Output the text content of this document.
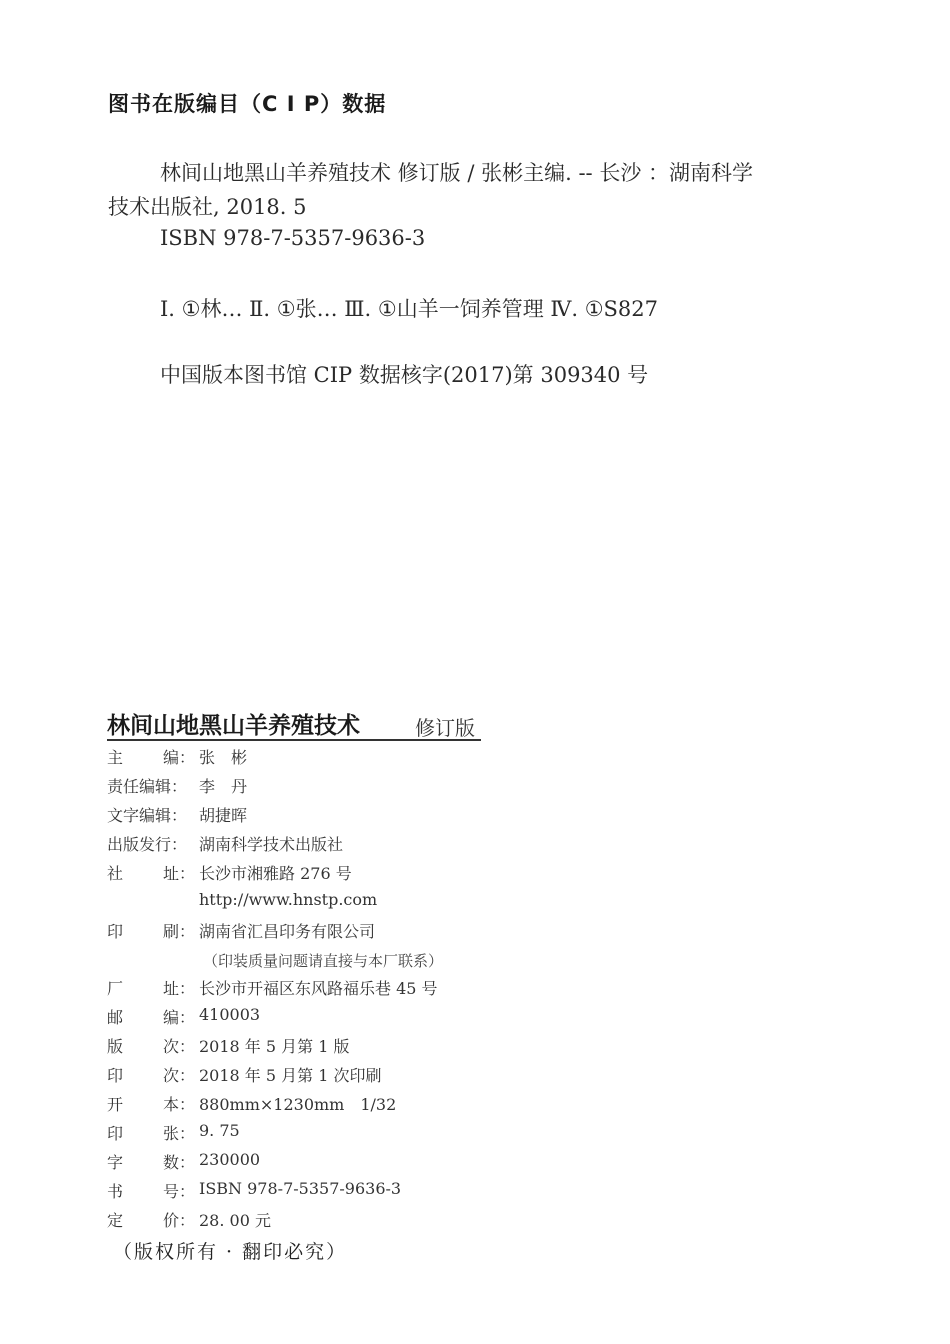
图书在版编目（C I P）数据
林间山地黑山羊养殖技术 修订版 / 张彬主编. -- 长沙 ：湖南科学
技术出版社, 2018. 5
ISBN 978-7-5357-9636-3
Ⅰ. ①林… Ⅱ. ①张… Ⅲ. ①山羊一饲养管理 Ⅳ. ①S827
中国版本图书馆 CIP 数据核字(2017)第 309340 号
林间山地黑山羊养殖技术	修订版
主 编： 张　彬
责任编辑： 李　丹
文字编辑： 胡捷晖
出版发行： 湖南科学技术出版社
社 址： 长沙市湘雅路 276 号
http://www.hnstp.com
印 刷： 湖南省汇昌印务有限公司
厂 址： 长沙市开福区东风路福乐巷 45 号
邮 编： 410003
版 次： 2018 年 5 月第 1 版
印 次： 2018 年 5 月第 1 次印刷
开 本： 880mm×1230mm　1/32
印 张： 9. 75
字 数： 230000
书 号： ISBN 978-7-5357-9636-3
定 价： 28. 00 元
（印装质量问题请直接与本厂联系）
（版权所有 · 翻印必究）
